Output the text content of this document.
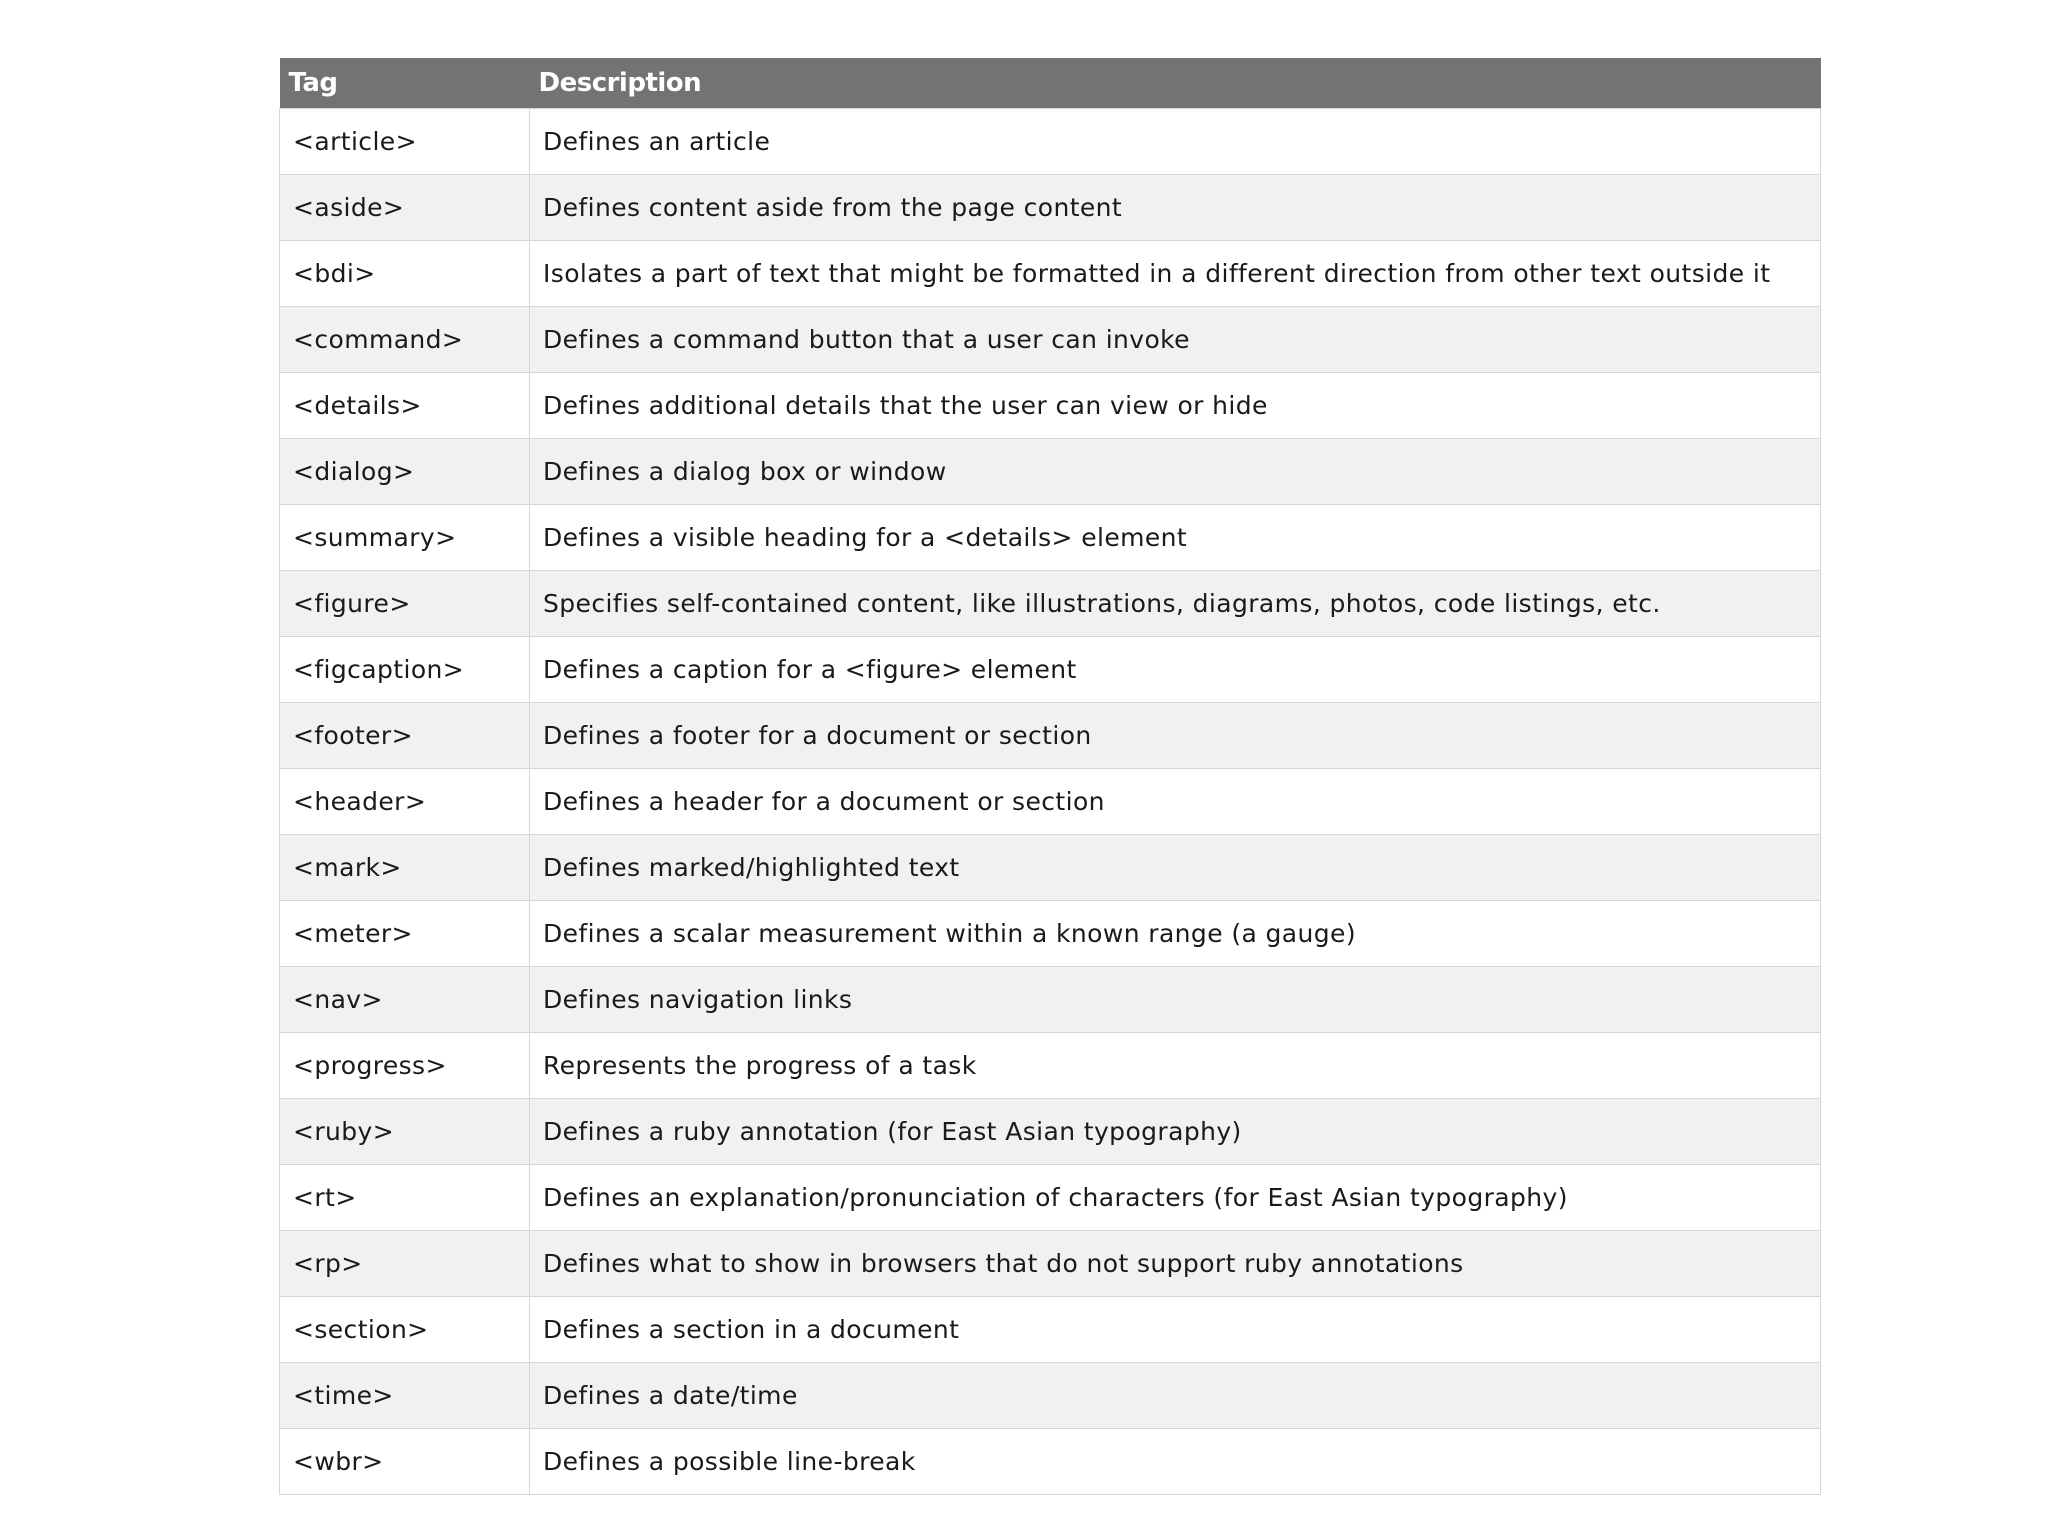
Tag	Description
<article>	Defines an article
<aside>	Defines content aside from the page content
<bdi>	Isolates a part of text that might be formatted in a different direction from other text outside it
<command>	Defines a command button that a user can invoke
<details>	Defines additional details that the user can view or hide
<dialog>	Defines a dialog box or window
<summary>	Defines a visible heading for a <details> element
<figure>	Specifies self-contained content, like illustrations, diagrams, photos, code listings, etc.
<figcaption>	Defines a caption for a <figure> element
<footer>	Defines a footer for a document or section
<header>	Defines a header for a document or section
<mark>	Defines marked/highlighted text
<meter>	Defines a scalar measurement within a known range (a gauge)
<nav>	Defines navigation links
<progress>	Represents the progress of a task
<ruby>	Defines a ruby annotation (for East Asian typography)
<rt>	Defines an explanation/pronunciation of characters (for East Asian typography)
<rp>	Defines what to show in browsers that do not support ruby annotations
<section>	Defines a section in a document
<time>	Defines a date/time
<wbr>	Defines a possible line-break
